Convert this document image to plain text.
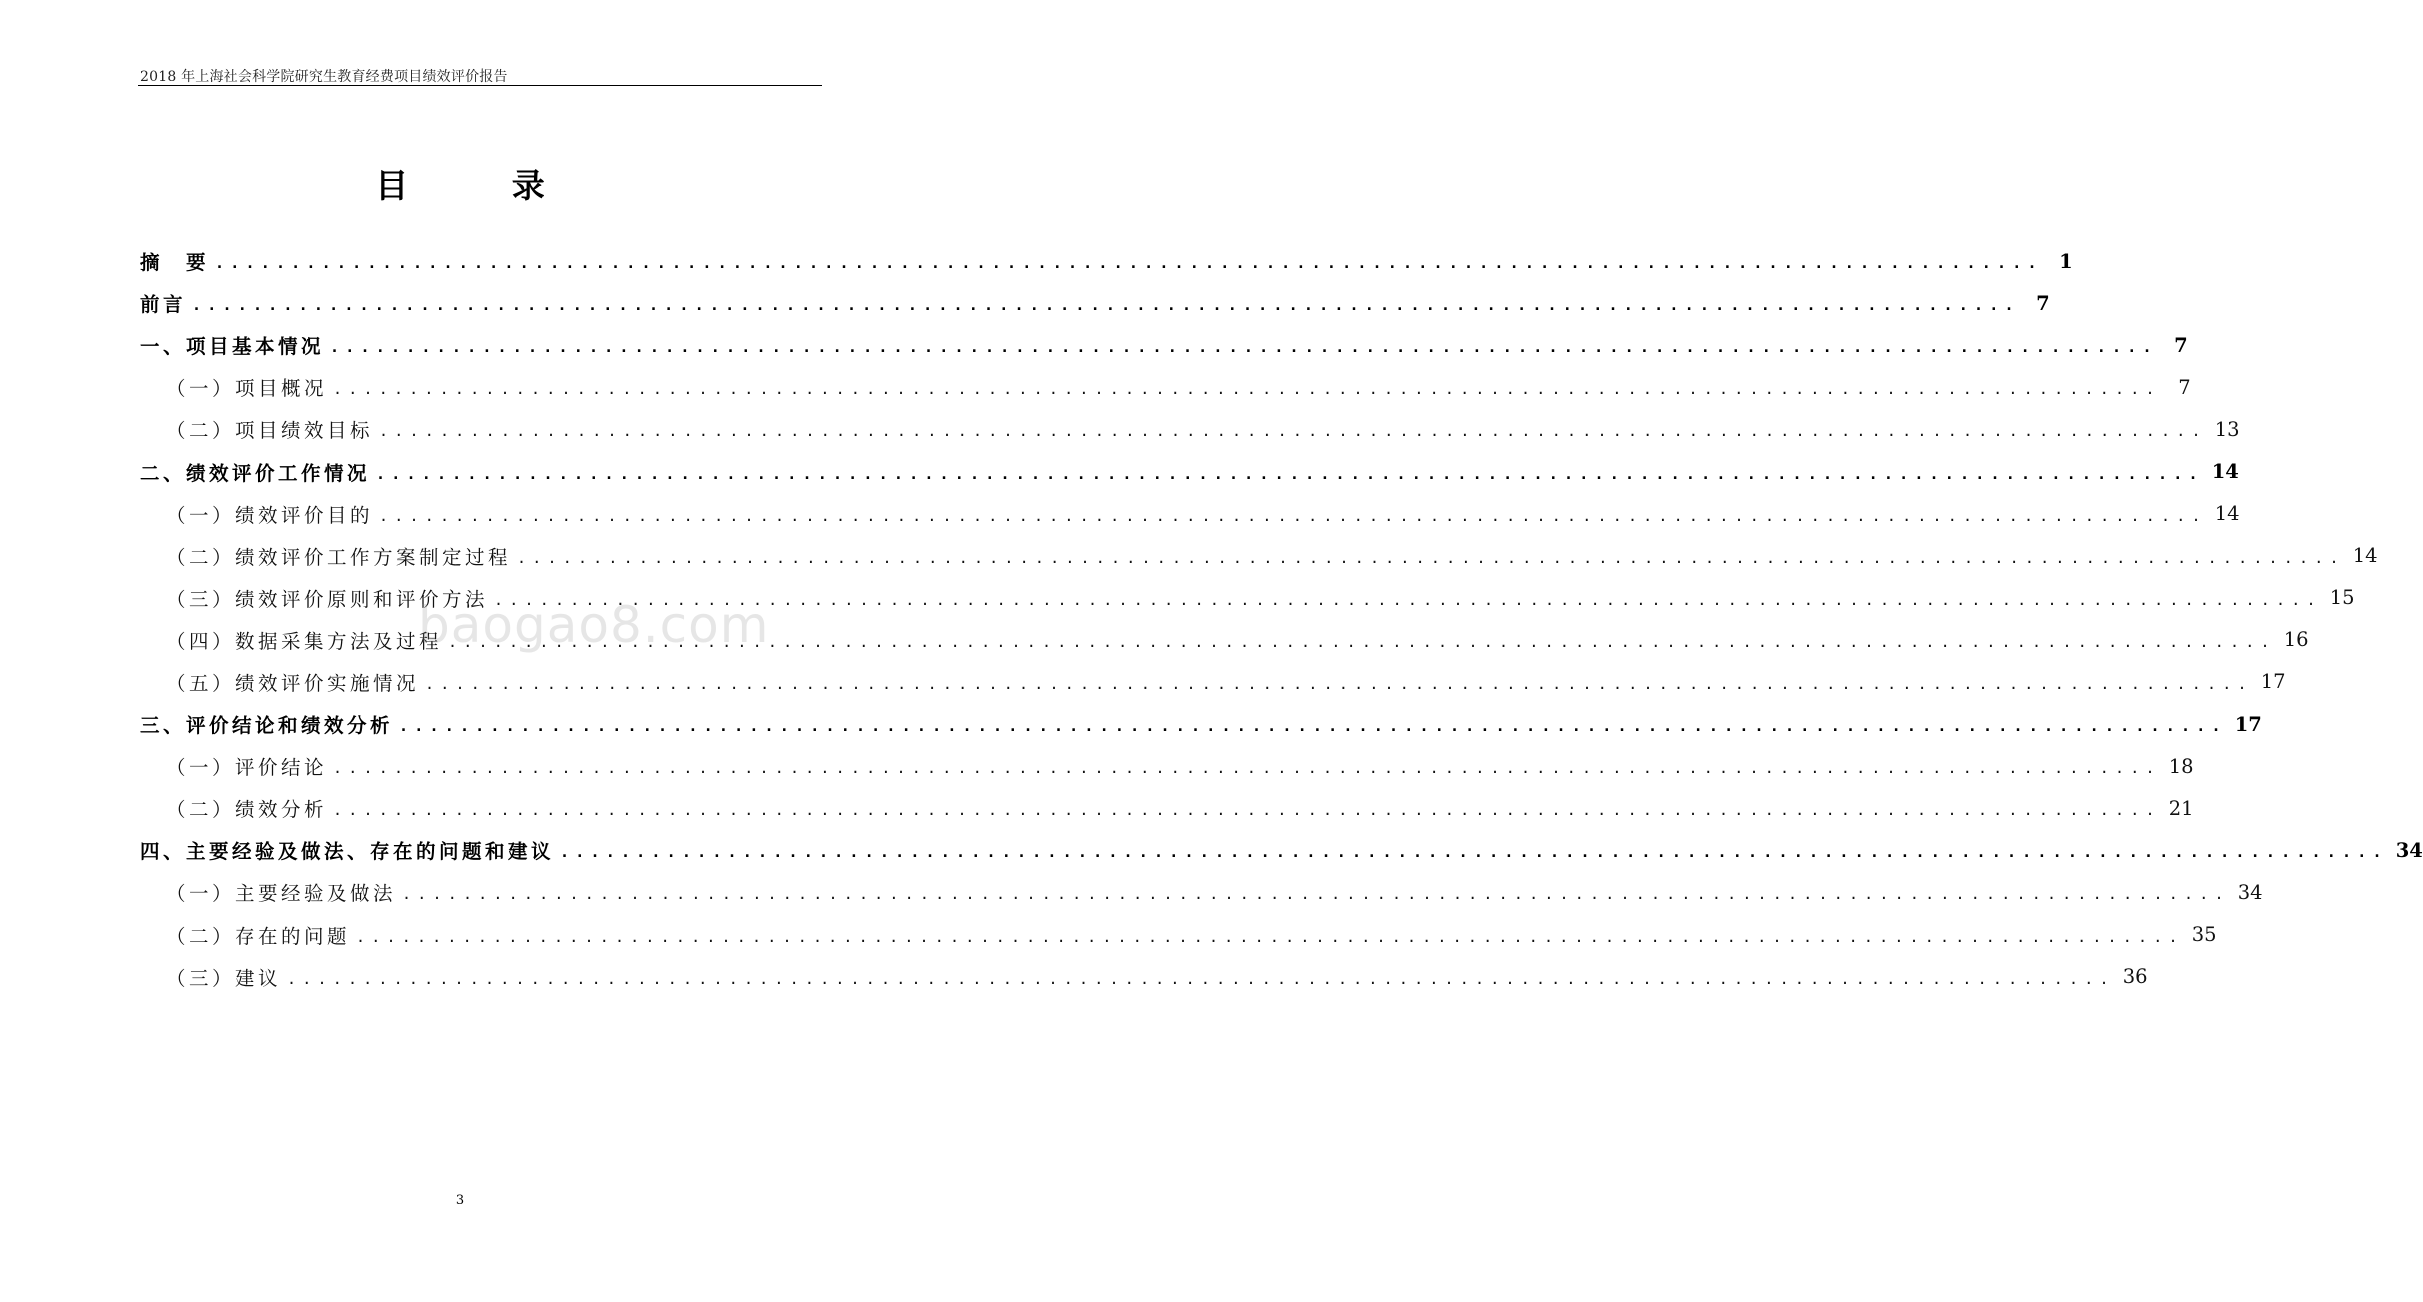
2018 年上海社会科学院研究生教育经费项目绩效评价报告
目 录
摘　要 ........................................................................................................................ 1
前言 ........................................................................................................................ 7
一、项目基本情况 ........................................................................................................................ 7
（一）项目概况 ........................................................................................................................ 7
（二）项目绩效目标 ........................................................................................................................ 13
二、绩效评价工作情况 ........................................................................................................................ 14
（一）绩效评价目的 ........................................................................................................................ 14
（二）绩效评价工作方案制定过程 ........................................................................................................................ 14
（三）绩效评价原则和评价方法 ........................................................................................................................ 15
（四）数据采集方法及过程 ........................................................................................................................ 16
（五）绩效评价实施情况 ........................................................................................................................ 17
三、评价结论和绩效分析 ........................................................................................................................ 17
（一）评价结论 ........................................................................................................................ 18
（二）绩效分析 ........................................................................................................................ 21
四、主要经验及做法、存在的问题和建议 ........................................................................................................................ 34
（一）主要经验及做法 ........................................................................................................................ 34
（二）存在的问题 ........................................................................................................................ 35
（三）建议 ........................................................................................................................ 36
baogao8.com
3
